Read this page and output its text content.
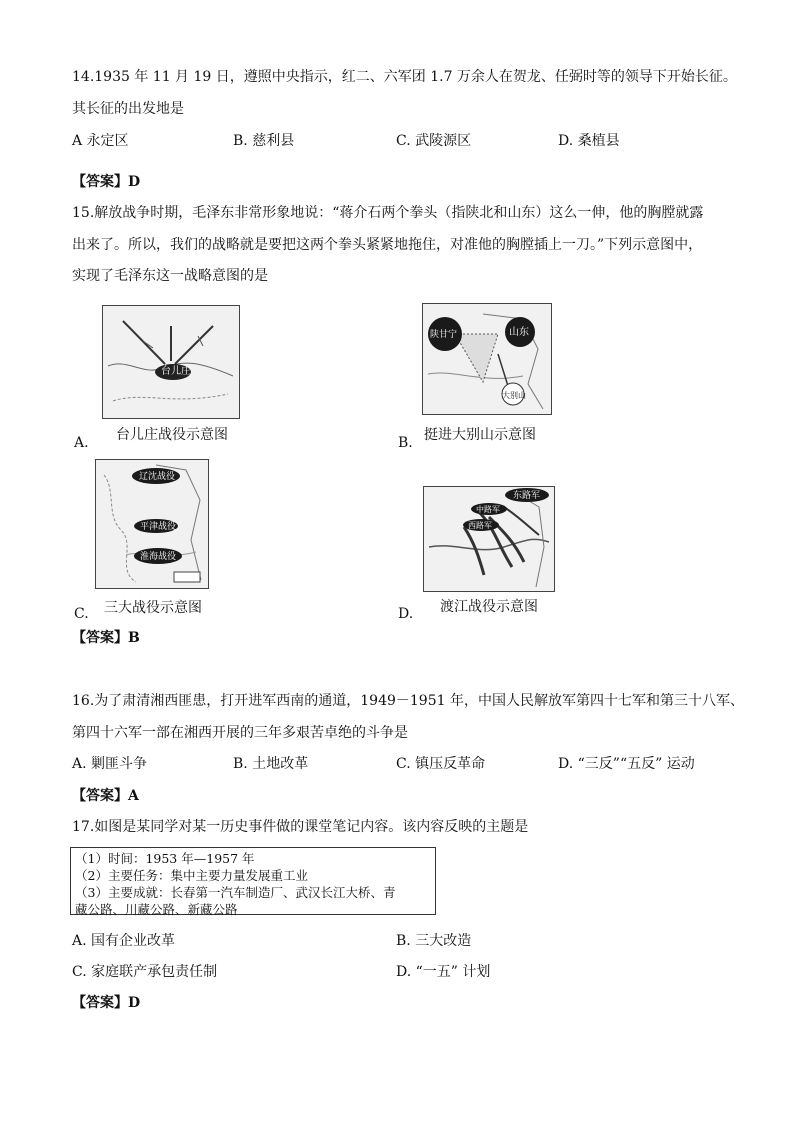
14.1935 年 11 月 19 日，遵照中央指示，红二、六军团 1.7 万余人在贺龙、任弼时等的领导下开始长征。
其长征的出发地是
A 永定区	B. 慈利县	C. 武陵源区	D. 桑植县
【答案】D
15.解放战争时期，毛泽东非常形象地说：“蒋介石两个拳头（指陕北和山东）这么一伸，他的胸膛就露
出来了。所以，我们的战略就是要把这两个拳头紧紧地拖住，对准他的胸膛插上一刀。”下列示意图中，
实现了毛泽东这一战略意图的是
台儿庄
A. 台儿庄战役示意图
陕甘宁	山东
大别山
B. 挺进大别山示意图
辽沈战役
平津战役
淮海战役
C. 三大战役示意图
东路军
中路军
西路军
D. 渡江战役示意图
【答案】B
16.为了肃清湘西匪患，打开进军西南的通道，1949－1951 年，中国人民解放军第四十七军和第三十八军、
第四十六军一部在湘西开展的三年多艰苦卓绝的斗争是
A. 剿匪斗争	B. 土地改革	C. 镇压反革命	D. “三反”“五反” 运动
【答案】A
17.如图是某同学对某一历史事件做的课堂笔记内容。该内容反映的主题是
（1）时间：1953 年—1957 年
（2）主要任务：集中主要力量发展重工业
（3）主要成就：长春第一汽车制造厂、武汉长江大桥、青
藏公路、川藏公路、新藏公路
A. 国有企业改革	B. 三大改造
C. 家庭联产承包责任制	D. “一五” 计划
【答案】D
